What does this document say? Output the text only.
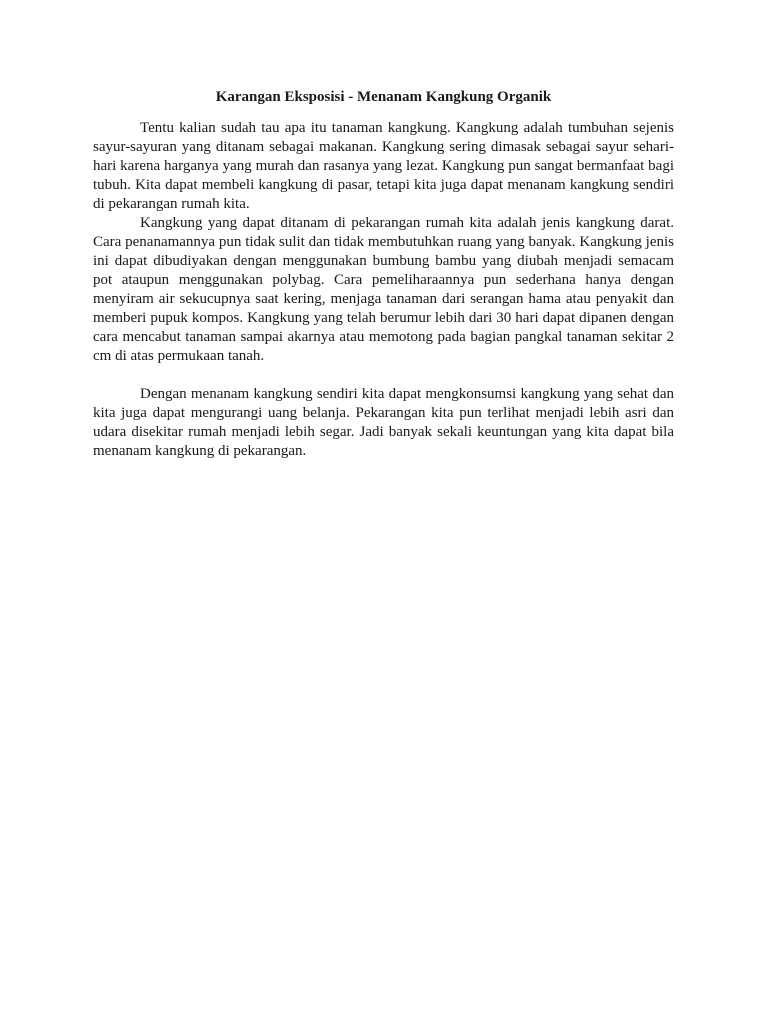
Karangan Eksposisi - Menanam Kangkung Organik

Tentu kalian sudah tau apa itu tanaman kangkung. Kangkung adalah tumbuhan sejenis sayur-sayuran yang ditanam sebagai makanan. Kangkung sering dimasak sebagai sayur sehari-hari karena harganya yang murah dan rasanya yang lezat. Kangkung pun sangat bermanfaat bagi tubuh. Kita dapat membeli kangkung di pasar, tetapi kita juga dapat menanam kangkung sendiri di pekarangan rumah kita.

Kangkung yang dapat ditanam di pekarangan rumah kita adalah jenis kangkung darat. Cara penanamannya pun tidak sulit dan tidak membutuhkan ruang yang banyak. Kangkung jenis ini dapat dibudiyakan dengan menggunakan bumbung bambu yang diubah menjadi semacam pot ataupun menggunakan polybag. Cara pemeliharaannya pun sederhana hanya dengan menyiram air sekucupnya saat kering, menjaga tanaman dari serangan hama atau penyakit dan memberi pupuk kompos. Kangkung yang telah berumur lebih dari 30 hari dapat dipanen dengan cara mencabut tanaman sampai akarnya atau memotong pada bagian pangkal tanaman sekitar 2 cm di atas permukaan tanah.

Dengan menanam kangkung sendiri kita dapat mengkonsumsi kangkung yang sehat dan kita juga dapat mengurangi uang belanja. Pekarangan kita pun terlihat menjadi lebih asri dan udara disekitar rumah menjadi lebih segar. Jadi banyak sekali keuntungan yang kita dapat bila menanam kangkung di pekarangan.
